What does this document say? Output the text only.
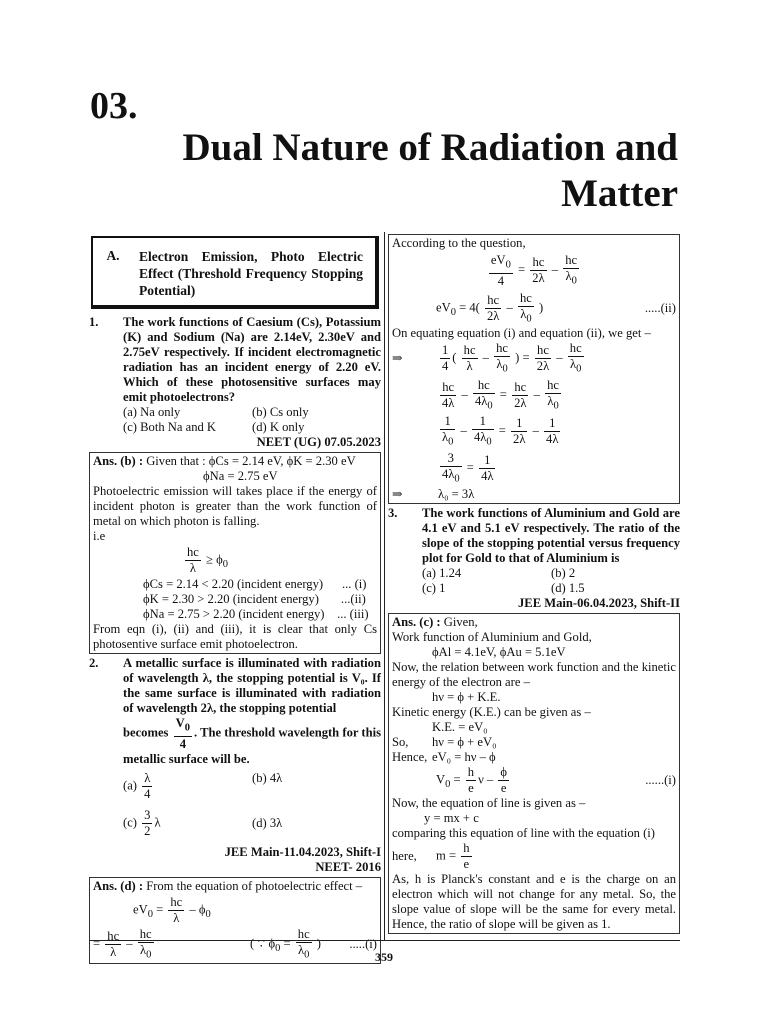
03.
Dual Nature of Radiation and Matter
A.	Electron Emission, Photo Electric Effect (Threshold Frequency Stopping Potential)
1.	The work functions of Caesium (Cs), Potassium (K) and Sodium (Na) are 2.14eV, 2.30eV and 2.75eV respectively. If incident electromagnetic radiation has an incident energy of 2.20 eV. Which of these photosensitive surfaces may emit photoelectrons?
(a) Na only	(b) Cs only
(c) Both Na and K	(d) K only
NEET (UG) 07.05.2023

Ans. (b) : Given that : ϕCs = 2.14 eV, ϕK = 2.30 eV

ϕNa = 2.75 eV

Photoelectric emission will takes place if the energy of incident photon is greater than the work function of metal on which photon is falling.

i.e

$\frac{hc}{\lambda} \ge \phi_0$

ϕCs = 2.14 < 2.20 (incident energy)      ... (i)

ϕK = 2.30 > 2.20 (incident energy)       ...(ii)

ϕNa = 2.75 > 2.20 (incident energy)    ... (iii)

From eqn (i), (ii) and (iii), it is clear that only Cs photosentive surface emit photoelectron.

2.	A metallic surface is illuminated with radiation of wavelength λ, the stopping potential is V₀. If the same surface is illuminated with radiation of wavelength 2λ, the stopping potential
becomes $\frac{V_0}{4}$ . The threshold wavelength for this metallic surface will be.
$(a) \frac{\lambda}{4}$	(b) 4λ
$(c) \frac{3}{2}$ λ	(d) 3λ
JEE Main-11.04.2023, Shift-I
NEET- 2016

Ans. (d) : From the equation of photoelectric effect –

$eV_0 = \frac{hc}{\lambda} - \phi_0$
= $\frac{hc}{\lambda} - \frac{hc}{\lambda_0}$	( ∵ $\phi_0 = \frac{hc}{\lambda_0}$ )	.....(i)

According to the question,

$\frac{eV_0}{4} = \frac{hc}{2\lambda} - \frac{hc}{\lambda_0}$
$eV_0 = 4( \frac{hc}{2\lambda} - \frac{hc}{\lambda_0}$ )	.....(ii)

On equating equation (i) and equation (ii), we get –

⇒	$\frac{1}{4}$ ( $\frac{hc}{\lambda} - \frac{hc}{\lambda_0}$ ) = $\frac{hc}{2\lambda} - \frac{hc}{\lambda_0}$
$\frac{hc}{4\lambda} - \frac{hc}{4\lambda_0} = \frac{hc}{2\lambda} - \frac{hc}{\lambda_0}$
$\frac{1}{\lambda_0} - \frac{1}{4\lambda_0} = \frac{1}{2\lambda} - \frac{1}{4\lambda}$
$\frac{3}{4\lambda_0} = \frac{1}{4\lambda}$
⇒	λ₀ = 3λ
3.	The work functions of Aluminium and Gold are 4.1 eV and 5.1 eV respectively. The ratio of the slope of the stopping potential versus frequency plot for Gold to that of Aluminium is
(a) 1.24	(b) 2
(c) 1	(d) 1.5
JEE Main-06.04.2023, Shift-II

Ans. (c) : Given,

Work function of Aluminium and Gold,

ϕAl = 4.1eV, ϕAu = 5.1eV

Now, the relation between work function and the kinetic energy of the electron are –

hν = ϕ + K.E.

Kinetic energy (K.E.) can be given as –

K.E. = eV₀

So,	hν = ϕ + eV₀

Hence, eV₀ = hν – ϕ

$V_0 = \frac{h}{e}$ ν – $\frac{\phi}{e}$	......(i)

Now, the equation of line is given as –

y = mx + c

comparing this equation of line with the equation (i)

here,	$m = \frac{h}{e}$

As, h is Planck's constant and e is the charge on an electron which will not change for any metal. So, the slope value of slope will be the same for every metal. Hence, the ratio of slope will be given as 1.

359
